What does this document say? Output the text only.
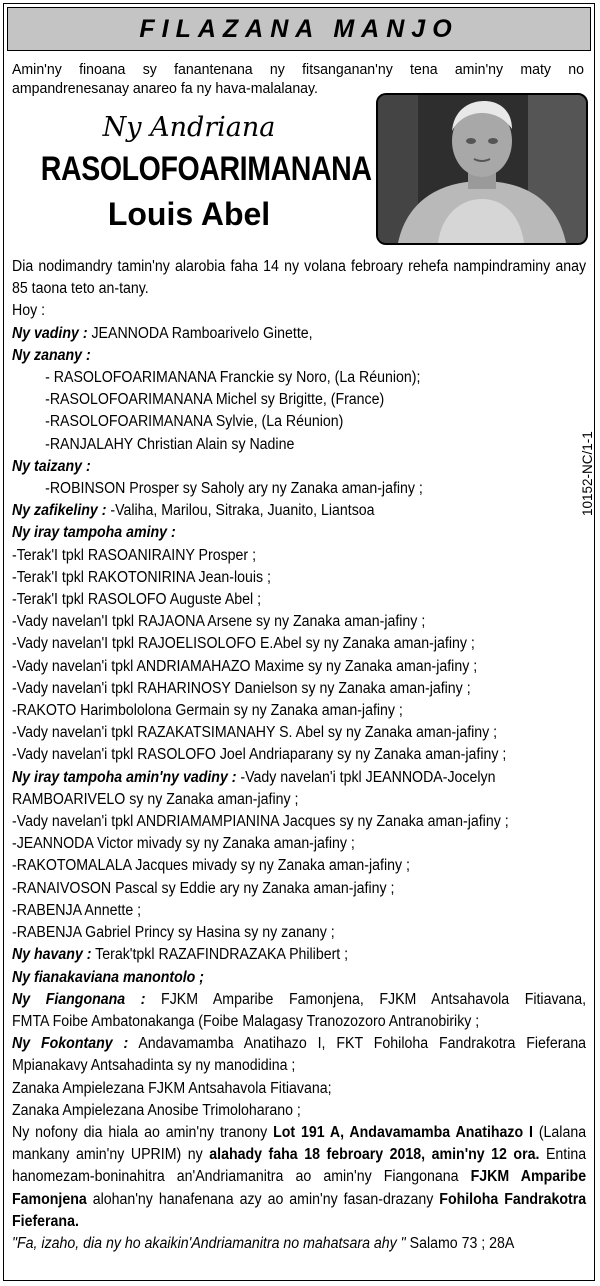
FILAZANA MANJO

Amin'ny finoana sy fanantenana ny fitsanganan'ny tena amin'ny maty no ampandrenesanay anareo fa ny hava-malalanay.

Ny Andriana
RASOLOFOARIMANANA
Louis Abel
10152-NC/1-1

Dia nodimandry tamin'ny alarobia faha 14 ny volana febroary rehefa nampindraminy anay 85 taona teto an-tany.

Hoy :

Ny vadiny : JEANNODA Ramboarivelo Ginette,

Ny zanany :

- RASOLOFOARIMANANA Franckie sy Noro, (La Réunion);

-RASOLOFOARIMANANA Michel sy Brigitte, (France)

-RASOLOFOARIMANANA Sylvie, (La Réunion)

-RANJALAHY Christian Alain sy Nadine

Ny taizany :

-ROBINSON Prosper sy Saholy ary ny Zanaka aman-jafiny ;

Ny zafikeliny : -Valiha, Marilou, Sitraka, Juanito, Liantsoa

Ny iray tampoha aminy :

-Terak'I tpkl RASOANIRAINY Prosper ;

-Terak'I tpkl RAKOTONIRINA Jean-louis ;

-Terak'I tpkl RASOLOFO Auguste Abel ;

-Vady navelan'I tpkl RAJAONA Arsene sy ny Zanaka aman-jafiny ;

-Vady navelan'I tpkl RAJOELISOLOFO E.Abel sy ny Zanaka aman-jafiny ;

-Vady navelan'i tpkl ANDRIAMAHAZO Maxime sy ny Zanaka aman-jafiny ;

-Vady navelan'i tpkl RAHARINOSY Danielson sy ny Zanaka aman-jafiny ;

-RAKOTO Harimbololona Germain sy ny Zanaka aman-jafiny ;

-Vady navelan'i tpkl RAZAKATSIMANAHY S. Abel sy ny Zanaka aman-jafiny ;

-Vady navelan'i tpkl RASOLOFO Joel Andriaparany sy ny Zanaka aman-jafiny ;

Ny iray tampoha amin'ny vadiny : -Vady navelan'i tpkl JEANNODA-Jocelyn

RAMBOARIVELO sy ny Zanaka aman-jafiny ;

-Vady navelan'i tpkl ANDRIAMAMPIANINA Jacques sy ny Zanaka aman-jafiny ;

-JEANNODA Victor mivady sy ny Zanaka aman-jafiny ;

-RAKOTOMALALA Jacques mivady sy ny Zanaka aman-jafiny ;

-RANAIVOSON Pascal sy Eddie ary ny Zanaka aman-jafiny ;

-RABENJA Annette ;

-RABENJA Gabriel Princy sy Hasina sy ny zanany ;

Ny havany : Terak'tpkl RAZAFINDRAZAKA Philibert ;

Ny fianakaviana manontolo ;

Ny Fiangonana : FJKM Amparibe Famonjena, FJKM Antsahavola Fitiavana,

FMTA Foibe Ambatonakanga (Foibe Malagasy Tranozozoro Antranobiriky ;

Ny Fokontany : Andavamamba Anatihazo I, FKT Fohiloha Fandrakotra Fieferana

Mpianakavy Antsahadinta sy ny manodidina ;

Zanaka Ampielezana FJKM Antsahavola Fitiavana;

Zanaka Ampielezana Anosibe Trimoloharano ;

Ny nofony dia hiala ao amin'ny tranony Lot 191 A, Andavamamba Anatihazo I (Lalana mankany amin'ny UPRIM) ny alahady faha 18 febroary 2018, amin'ny 12 ora. Entina hanomezam-boninahitra an'Andriamanitra ao amin'ny Fiangonana FJKM Amparibe Famonjena alohan'ny hanafenana azy ao amin'ny fasan-drazany Fohiloha Fandrakotra Fieferana.

"Fa, izaho, dia ny ho akaikin'Andriamanitra no mahatsara ahy " Salamo 73 ; 28A
